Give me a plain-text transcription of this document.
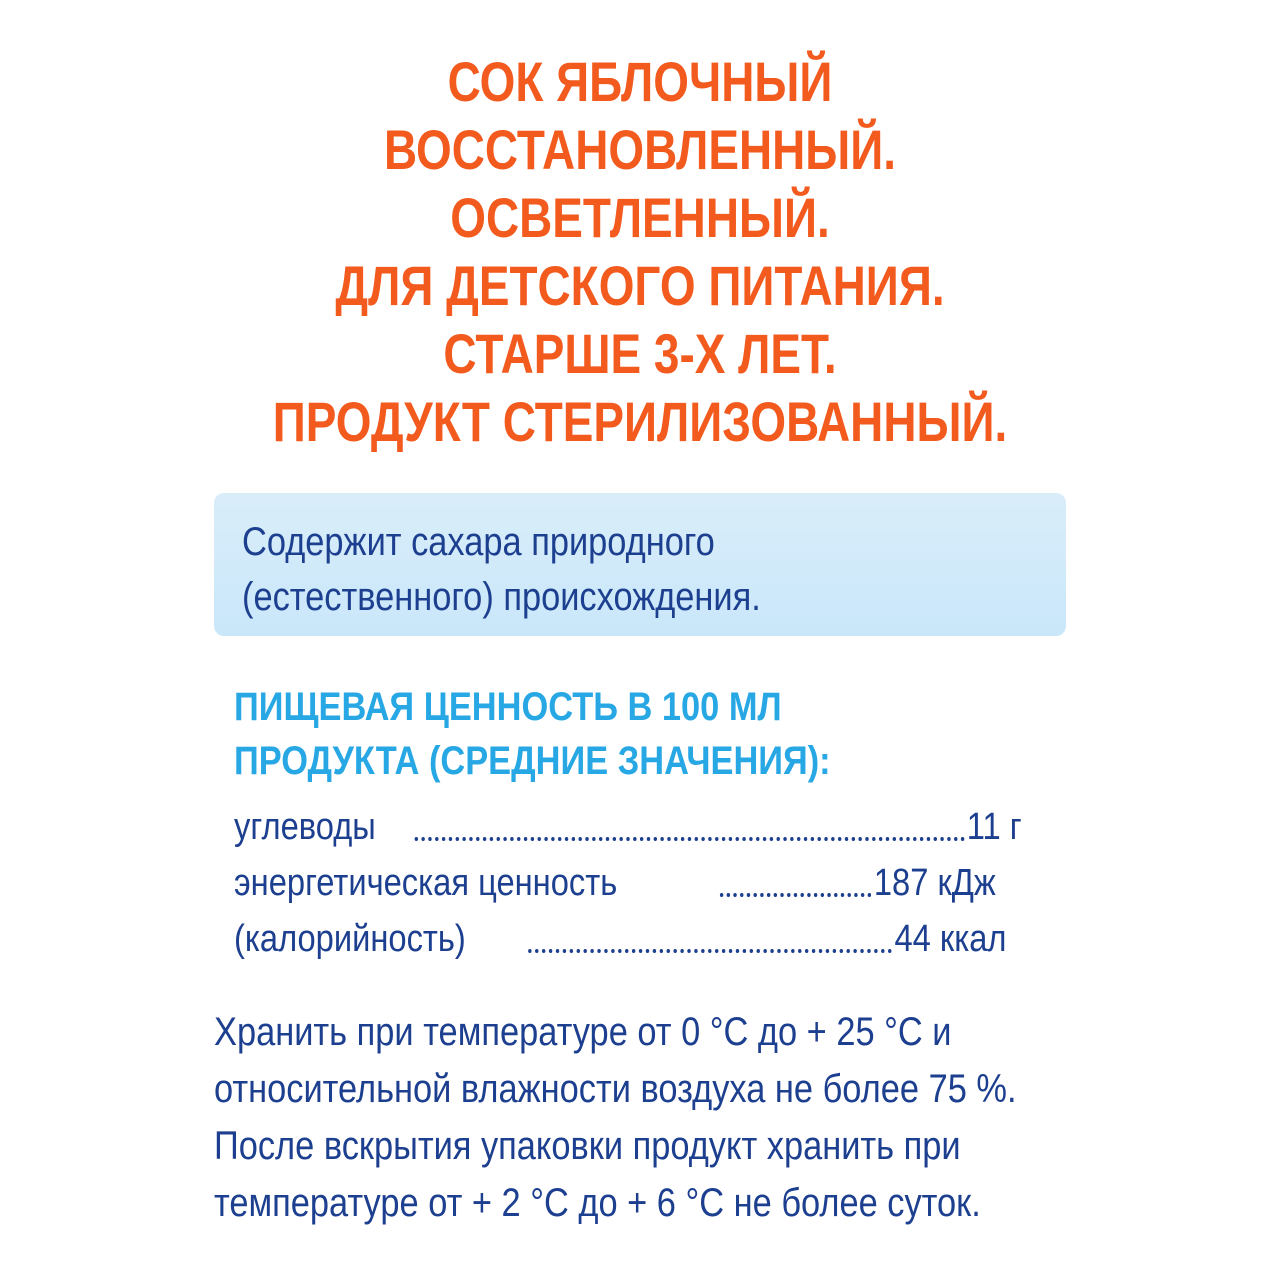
СОК ЯБЛОЧНЫЙ
ВОССТАНОВЛЕННЫЙ.
ОСВЕТЛЕННЫЙ.
ДЛЯ ДЕТСКОГО ПИТАНИЯ.
СТАРШЕ 3-Х ЛЕТ.
ПРОДУКТ СТЕРИЛИЗОВАННЫЙ.
Содержит сахара природного
(естественного) происхождения.
ПИЩЕВАЯ ЦЕННОСТЬ В 100 МЛ
ПРОДУКТА (СРЕДНИЕ ЗНАЧЕНИЯ):
углеводы	11 г
энергетическая ценность	187 кДж
(калорийность)	44 ккал
Хранить при температуре от 0 °С до + 25 °С и
относительной влажности воздуха не более 75 %.
После вскрытия упаковки продукт хранить при
температуре от + 2 °С до + 6 °С не более суток.
